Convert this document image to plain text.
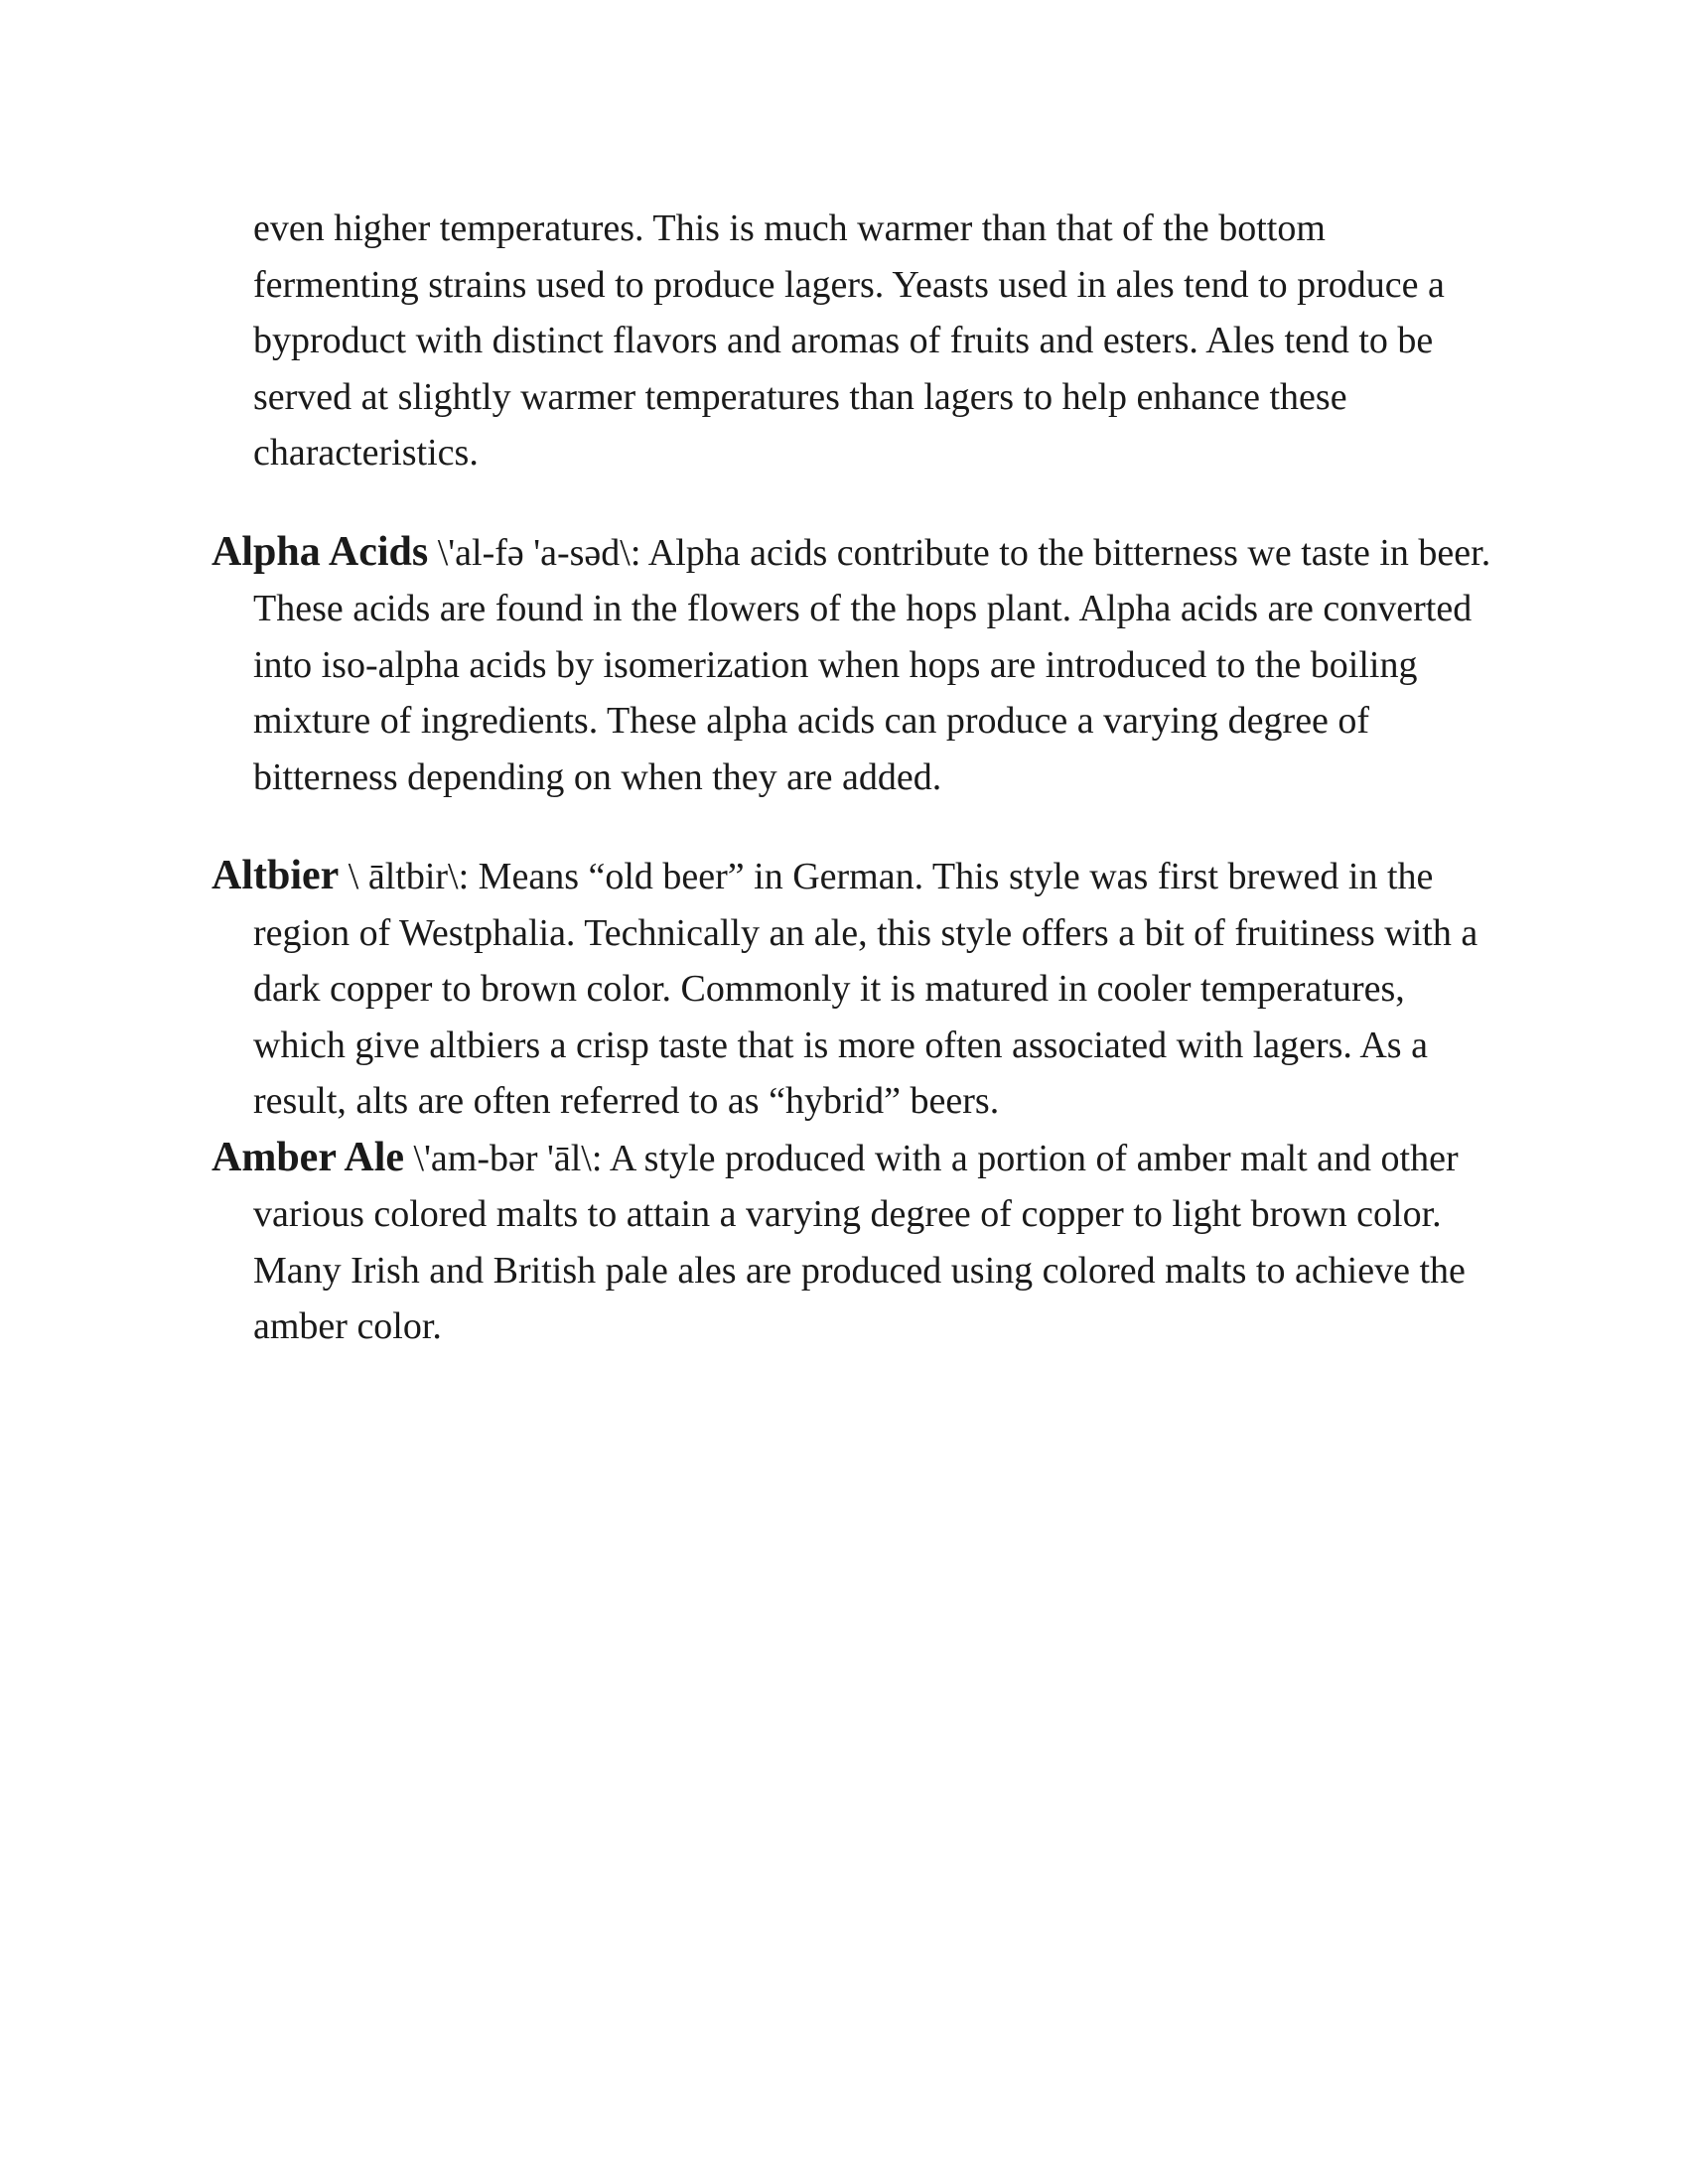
even higher temperatures. This is much warmer than that of the bottom fermenting strains used to produce lagers. Yeasts used in ales tend to produce a byproduct with distinct flavors and aromas of fruits and esters. Ales tend to be served at slightly warmer temperatures than lagers to help enhance these characteristics.

Alpha Acids \'al-fə 'a-səd\: Alpha acids contribute to the bitterness we taste in beer. These acids are found in the flowers of the hops plant. Alpha acids are converted into iso-alpha acids by isomerization when hops are introduced to the boiling mixture of ingredients. These alpha acids can produce a varying degree of bitterness depending on when they are added.

Altbier \ āltbir\: Means “old beer” in German. This style was first brewed in the region of Westphalia. Technically an ale, this style offers a bit of fruitiness with a dark copper to brown color. Commonly it is matured in cooler temperatures, which give altbiers a crisp taste that is more often associated with lagers. As a result, alts are often referred to as “hybrid” beers.

Amber Ale \'am-bər 'āl\: A style produced with a portion of amber malt and other various colored malts to attain a varying degree of copper to light brown color. Many Irish and British pale ales are produced using colored malts to achieve the amber color.
